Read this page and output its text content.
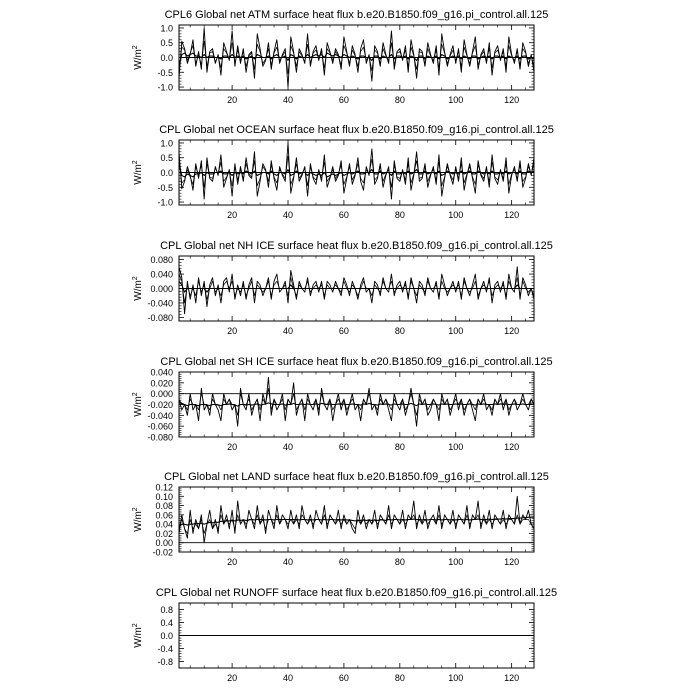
CPL6 Global net ATM surface heat flux b.e20.B1850.f09_g16.pi_control.all.125
$W/m^2$
-1.0
-0.5
0.0
0.5
1.0
20	40	60	80	100	120
CPL Global net OCEAN surface heat flux b.e20.B1850.f09_g16.pi_control.all.125
$W/m^2$
-1.0
-0.5
0.0
0.5
1.0
20	40	60	80	100	120
CPL Global net NH ICE surface heat flux b.e20.B1850.f09_g16.pi_control.all.125
$W/m^2$
-0.080
-0.040
0.000
0.040
0.080
20	40	60	80	100	120
CPL Global net SH ICE surface heat flux b.e20.B1850.f09_g16.pi_control.all.125
$W/m^2$
-0.080
-0.060
-0.040
-0.020
0.000
0.020
0.040
20	40	60	80	100	120
CPL Global net LAND surface heat flux b.e20.B1850.f09_g16.pi_control.all.125
$W/m^2$
-0.02
0.00
0.02
0.04
0.06
0.08
0.10
0.12
20	40	60	80	100	120
CPL Global net RUNOFF surface heat flux b.e20.B1850.f09_g16.pi_control.all.125
$W/m^2$
-0.8
-0.4
0.0
0.4
0.8
20	40	60	80	100	120
